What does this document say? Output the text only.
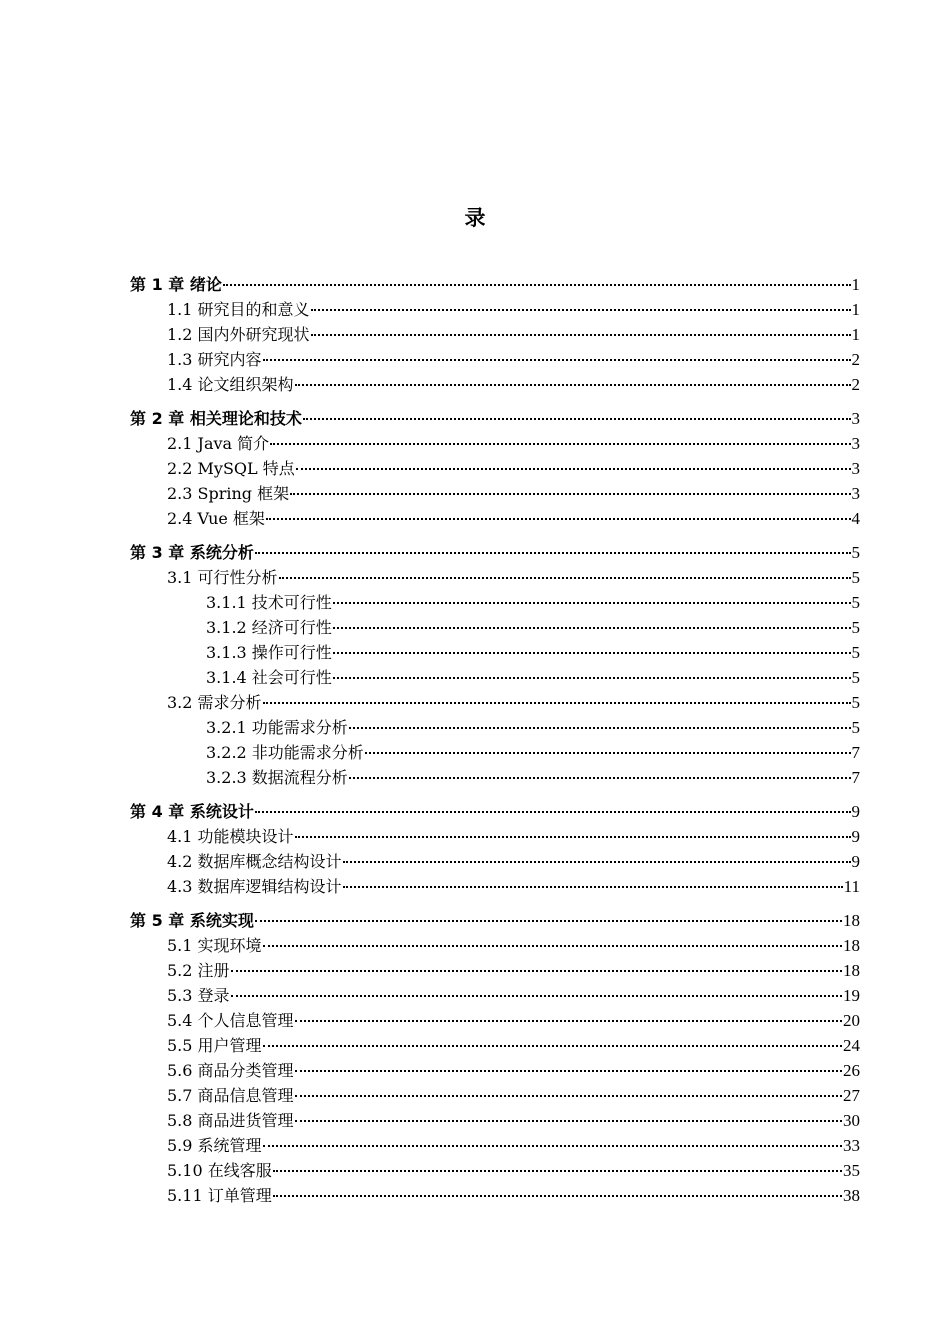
录
第 1 章 绪论	1
1.1 研究目的和意义	1
1.2 国内外研究现状	1
1.3 研究内容	2
1.4 论文组织架构	2
第 2 章 相关理论和技术	3
2.1 Java 简介	3
2.2 MySQL 特点	3
2.3 Spring 框架	3
2.4 Vue 框架	4
第 3 章 系统分析	5
3.1 可行性分析	5
3.1.1 技术可行性	5
3.1.2 经济可行性	5
3.1.3 操作可行性	5
3.1.4 社会可行性	5
3.2 需求分析	5
3.2.1 功能需求分析	5
3.2.2 非功能需求分析	7
3.2.3 数据流程分析	7
第 4 章 系统设计	9
4.1 功能模块设计	9
4.2 数据库概念结构设计	9
4.3 数据库逻辑结构设计	11
第 5 章 系统实现	18
5.1 实现环境	18
5.2 注册	18
5.3 登录	19
5.4 个人信息管理	20
5.5 用户管理	24
5.6 商品分类管理	26
5.7 商品信息管理	27
5.8 商品进货管理	30
5.9 系统管理	33
5.10 在线客服	35
5.11 订单管理	38
